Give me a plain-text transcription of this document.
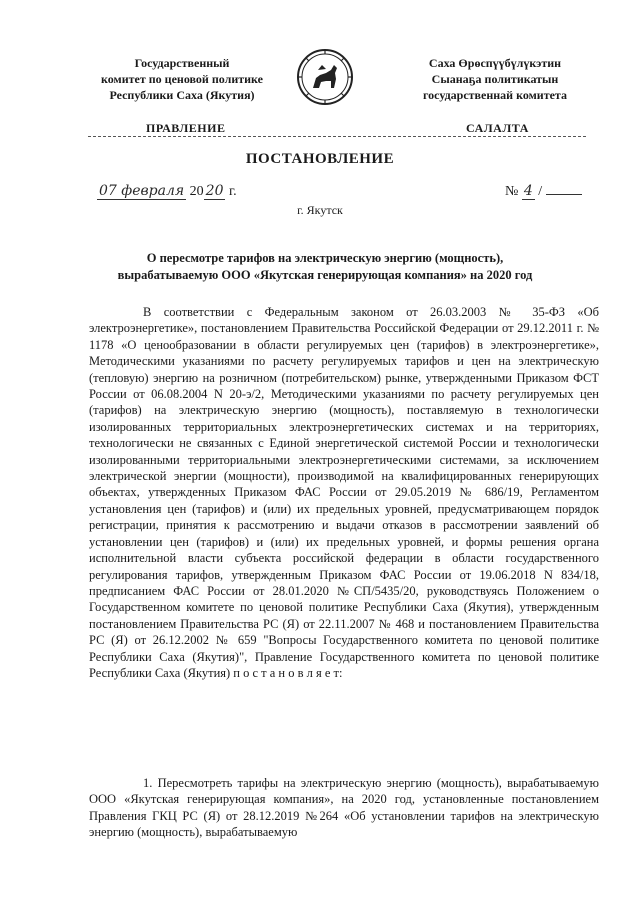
Государственный
комитет по ценовой политике
Республики Саха (Якутия)
Саха Өрөспүүбүлүкэтин
Сыанаҕа политикатын
государственнай комитета
ПРАВЛЕНИЕ	САЛАЛТА
ПОСТАНОВЛЕНИЕ
07 февраля 20 20 г.	№ 4 /
г. Якутск
О пересмотре тарифов на электрическую энергию (мощность),
вырабатываемую ООО «Якутская генерирующая компания» на 2020 год
В соответствии с Федеральным законом от 26.03.2003 № 35-ФЗ «Об электроэнергетике», постановлением Правительства Российской Федерации от 29.12.2011 г. № 1178 «О ценообразовании в области регулируемых цен (тарифов) в электроэнергетике», Методическими указаниями по расчету регулируемых тарифов и цен на электрическую (тепловую) энергию на розничном (потребительском) рынке, утвержденными Приказом ФСТ России от 06.08.2004 N 20-э/2, Методическими указаниями по расчету регулируемых цен (тарифов) на электрическую энергию (мощность), поставляемую в технологически изолированных территориальных электроэнергетических системах и на территориях, технологически не связанных с Единой энергетической системой России и технологически изолированными территориальными электроэнергетическими системами, за исключением электрической энергии (мощности), производимой на квалифицированных генерирующих объектах, утвержденных Приказом ФАС России от 29.05.2019 № 686/19, Регламентом установления цен (тарифов) и (или) их предельных уровней, предусматривающем порядок регистрации, принятия к рассмотрению и выдачи отказов в рассмотрении заявлений об установлении цен (тарифов) и (или) их предельных уровней, и формы решения органа исполнительной власти субъекта российской федерации в области государственного регулирования тарифов, утвержденным Приказом ФАС России от 19.06.2018 N 834/18, предписанием ФАС России от 28.01.2020 №СП/5435/20, руководствуясь Положением о Государственном комитете по ценовой политике Республики Саха (Якутия), утвержденным постановлением Правительства РС (Я) от 22.11.2007 № 468 и постановлением Правительства РС (Я) от 26.12.2002 № 659 "Вопросы Государственного комитета по ценовой политике Республики Саха (Якутия)", Правление Государственного комитета по ценовой политике Республики Саха (Якутия) п о с т а н о в л я е т:
1. Пересмотреть тарифы на электрическую энергию (мощность), вырабатываемую ООО «Якутская генерирующая компания», на 2020 год, установленные постановлением Правления ГКЦ РС (Я) от 28.12.2019 №264 «Об установлении тарифов на электрическую энергию (мощность), вырабатываемую
